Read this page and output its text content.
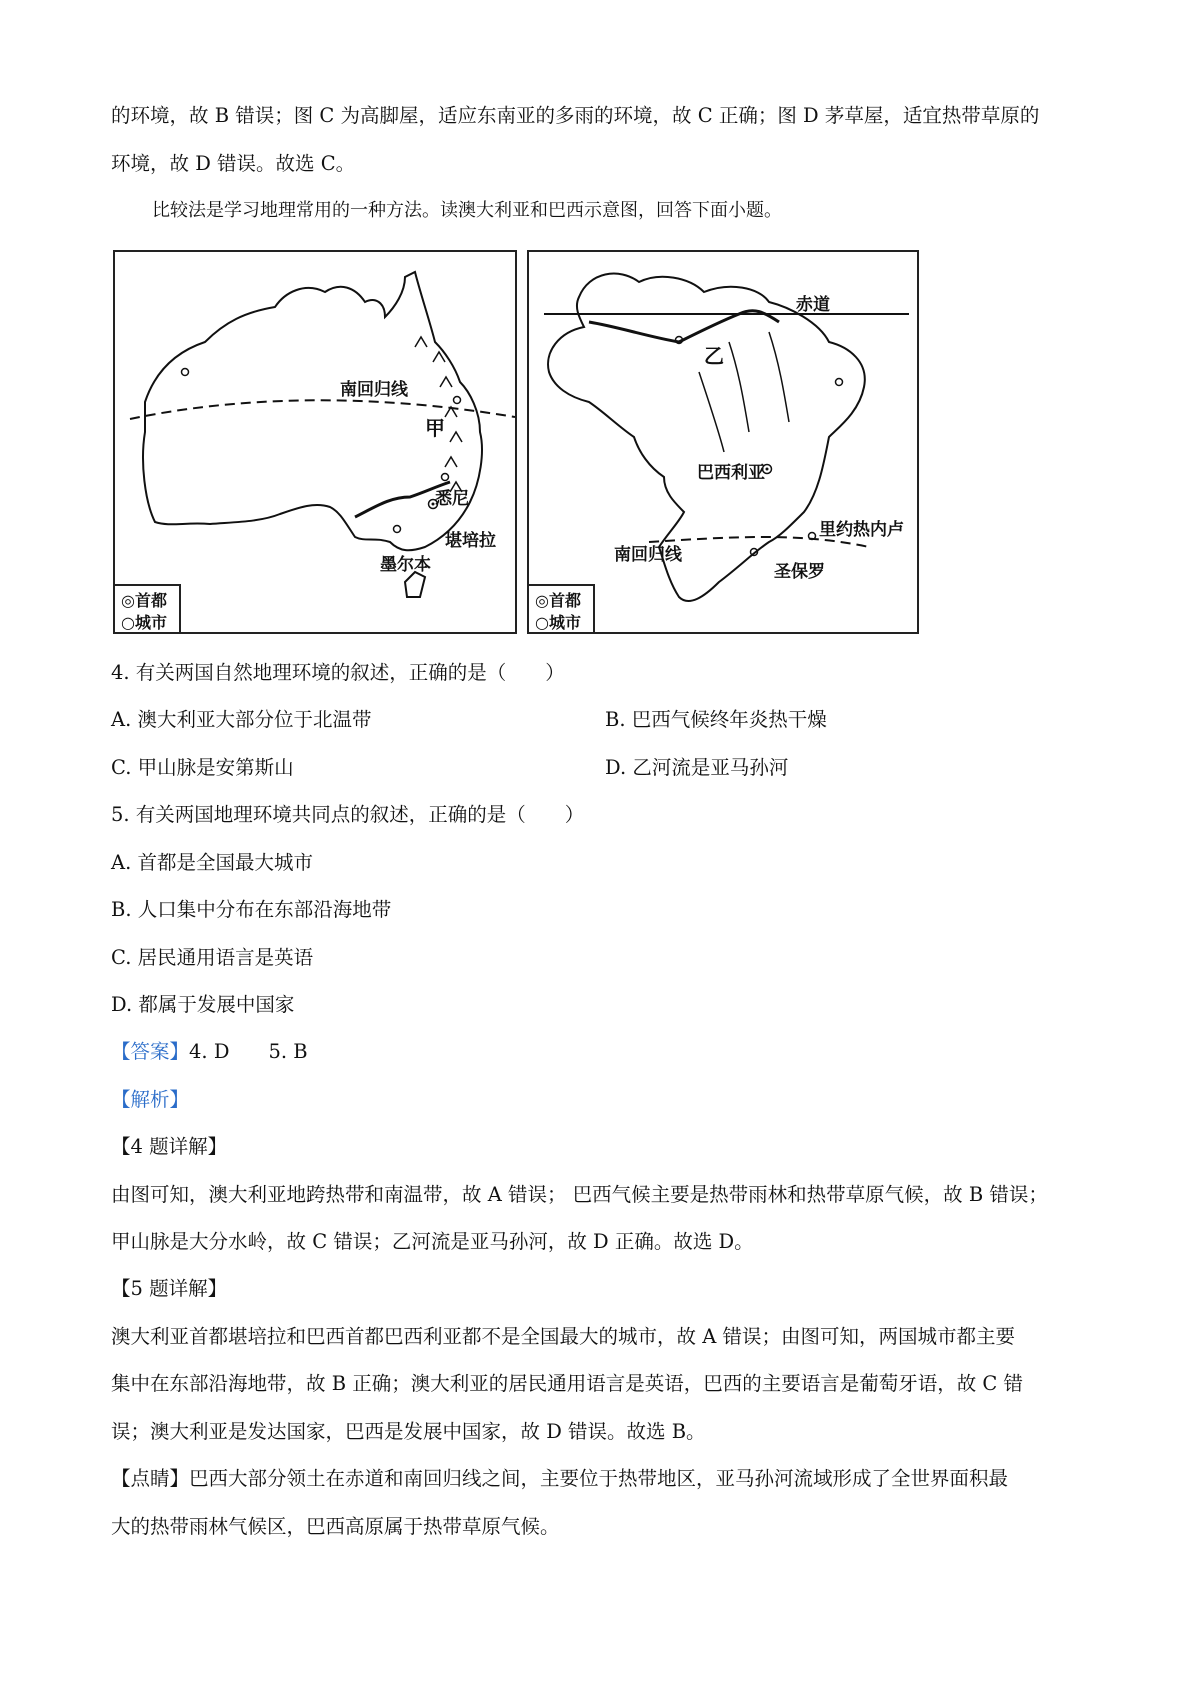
的环境，故 B 错误；图 C 为高脚屋，适应东南亚的多雨的环境，故 C 正确；图 D 茅草屋，适宜热带草原的
环境，故 D 错误。故选 C。
比较法是学习地理常用的一种方法。读澳大利亚和巴西示意图，回答下面小题。
南回归线
甲
悉尼
堪培拉
墨尔本
◎首都
○城市
赤道
乙
巴西利亚
南回归线
里约热内卢
圣保罗
◎首都
○城市
4. 有关两国自然地理环境的叙述，正确的是（　　）
A. 澳大利亚大部分位于北温带	B. 巴西气候终年炎热干燥
C. 甲山脉是安第斯山	D. 乙河流是亚马孙河
5. 有关两国地理环境共同点的叙述，正确的是（　　）
A. 首都是全国最大城市
B. 人口集中分布在东部沿海地带
C. 居民通用语言是英语
D. 都属于发展中国家
【答案】4. D　　5. B
【解析】
【4 题详解】
由图可知，澳大利亚地跨热带和南温带，故 A 错误； 巴西气候主要是热带雨林和热带草原气候，故 B 错误；
甲山脉是大分水岭，故 C 错误；乙河流是亚马孙河，故 D 正确。故选 D。
【5 题详解】
澳大利亚首都堪培拉和巴西首都巴西利亚都不是全国最大的城市，故 A 错误；由图可知，两国城市都主要
集中在东部沿海地带，故 B 正确；澳大利亚的居民通用语言是英语，巴西的主要语言是葡萄牙语，故 C 错
误；澳大利亚是发达国家，巴西是发展中国家，故 D 错误。故选 B。
【点睛】巴西大部分领土在赤道和南回归线之间，主要位于热带地区，亚马孙河流域形成了全世界面积最
大的热带雨林气候区，巴西高原属于热带草原气候。
